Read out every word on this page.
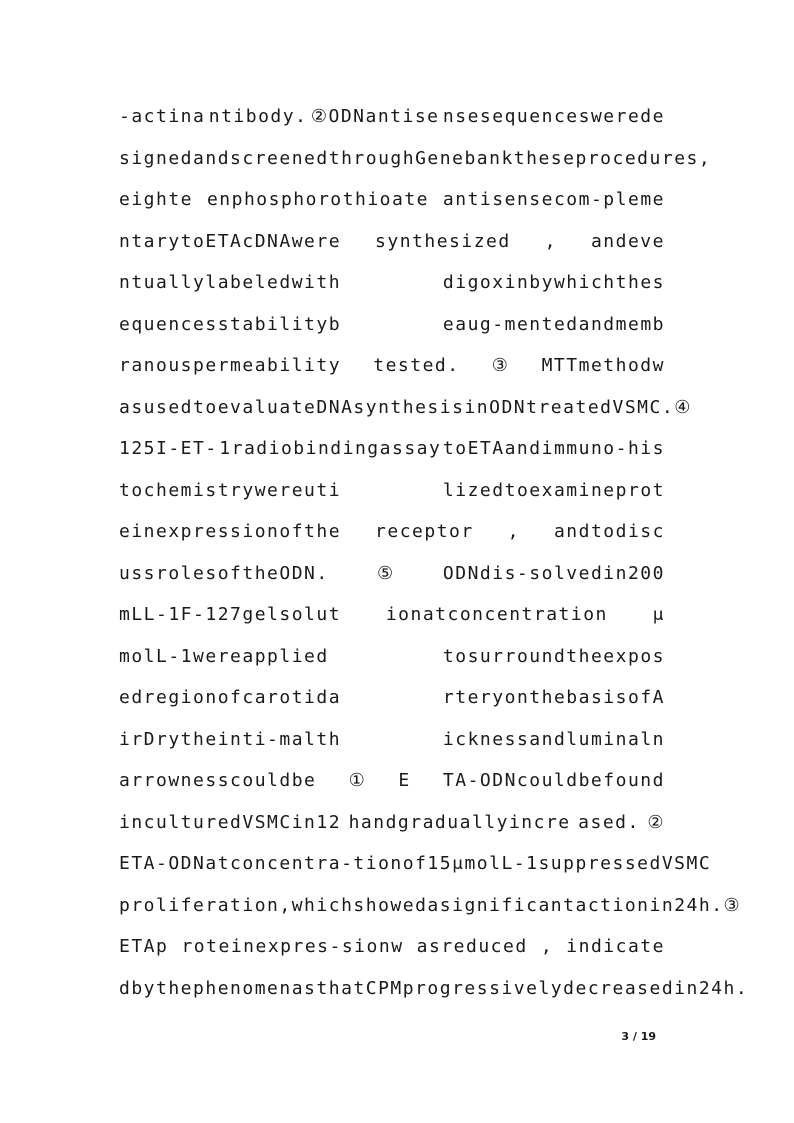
-actina ntibody. ②ODNantise nsesequenceswerede
signedandscreenedt hroughGenebankthes eprocedures ,
eighte enphosphorothioate antisensecom-pleme
ntarytoETAcDNAwere synthesized , andeve
ntuallylabeledwith	digoxinbywhichthes
equencesstabilityb	eaug-mentedandmemb
ranouspermeability tested. ③ MTTmethodw
asusedtoevaluateDN AsynthesisinODNtre atedVSMC. ④
125I-ET- 1radiobindingassay toETAandimmuno-his
tochemistrywereuti	lizedtoexamineprot
einexpressionofthe receptor , andtodisc
ussrolesoftheODN.	⑤	ODNdis-solvedin200
mLL-1F-127gelsolut ionatconcentration μ
molL-1wereapplied	tosurroundtheexpos
edregionofcarotida	rteryonthebasisofA
irDrytheinti-malth	icknessandluminaln
arrownesscouldbe ① E TA-ODNcouldbefound
inculturedVSMCin12 handgraduallyincre ased. ②
ETA-ODNatcon centra-tionof15μmo lL-1suppressedVSMC
proliferation,whic hshowedasignifican tactionin24h. ③
ETAp roteinexpres-sionw asreduced , indicate
dbythephenomenasthatCPMprogressively decreasedin24h.
3 / 19
